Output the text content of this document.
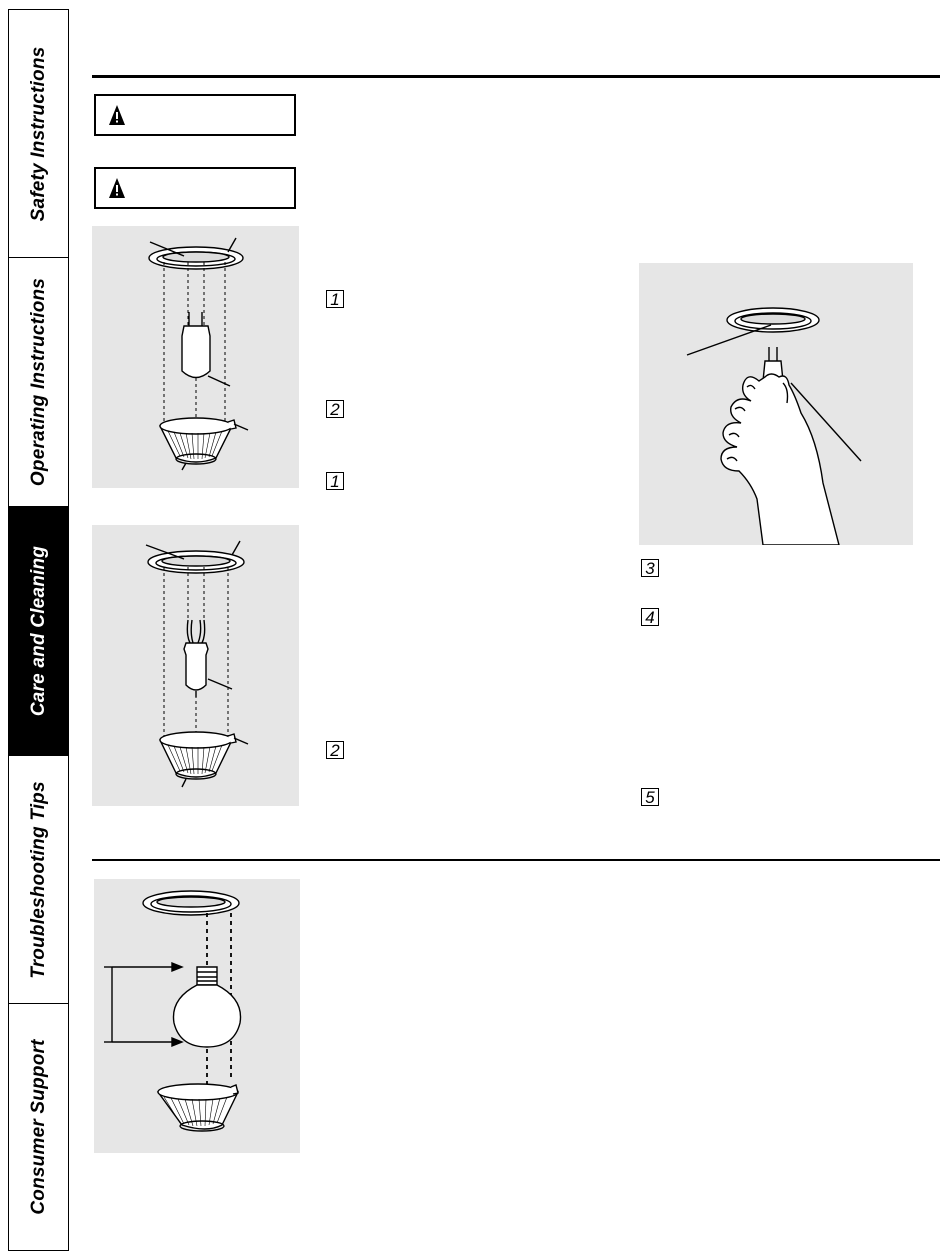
Safety Instructions
Operating Instructions
Care and Cleaning
Troubleshooting Tips
Consumer Support
1
2
1
2
3
4
5
